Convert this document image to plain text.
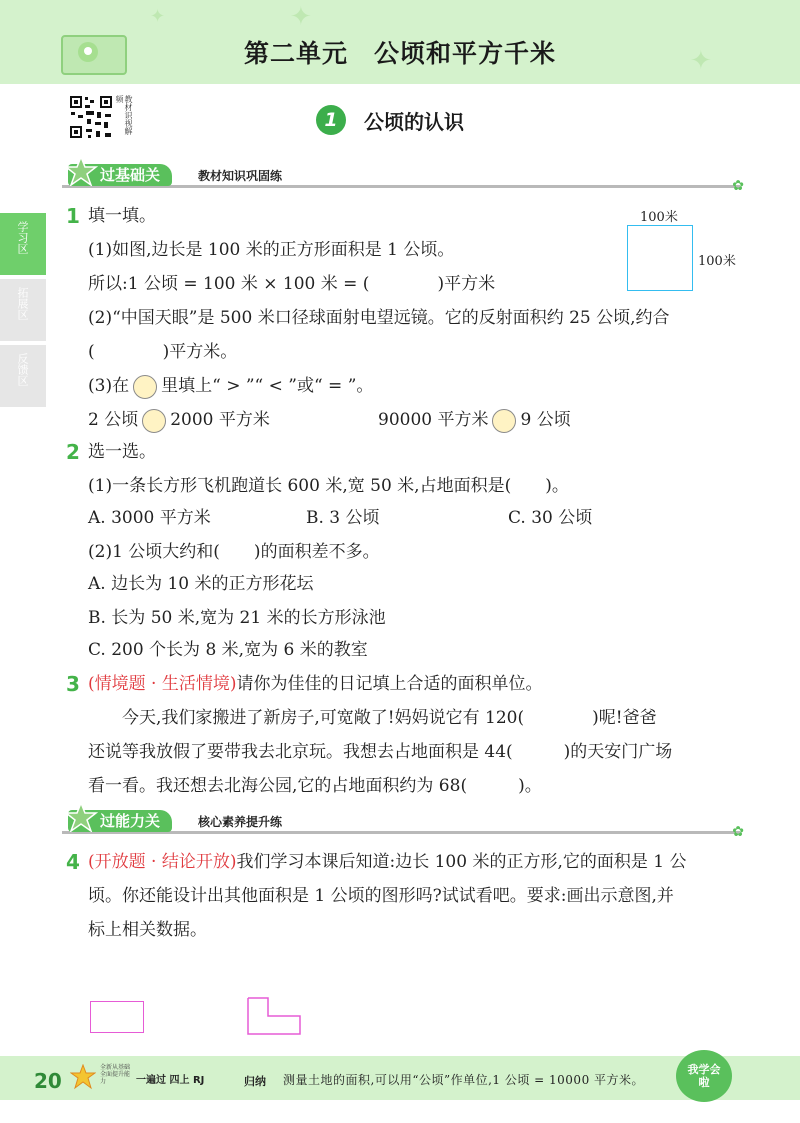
✦
✦
✦
第二单元　公顷和平方千米
教材识视解频
1	公顷的认识
学习区
拓展区
反馈区
过基础关	教材知识巩固练
✿
1 填一填。
(1)如图,边长是 100 米的正方形面积是 1 公顷。
所以:1 公顷 = 100 米 × 100 米 = (　　　　)平方米
(2)“中国天眼”是 500 米口径球面射电望远镜。它的反射面积约 25 公顷,约合
(　　　　)平方米。
(3)在 里填上“ > ”“ < ”或“ = ”。
2 公顷 2000 平方米	90000 平方米 9 公顷
100米
100米
2 选一选。
(1)一条长方形飞机跑道长 600 米,宽 50 米,占地面积是(　　)。
A. 3000 平方米	B. 3 公顷	C. 30 公顷
(2)1 公顷大约和(　　)的面积差不多。
A. 边长为 10 米的正方形花坛
B. 长为 50 米,宽为 21 米的长方形泳池
C. 200 个长为 8 米,宽为 6 米的教室
3 (情境题 · 生活情境)请你为佳佳的日记填上合适的面积单位。
今天,我们家搬进了新房子,可宽敞了!妈妈说它有 120(　　　　)呢!爸爸
还说等我放假了要带我去北京玩。我想去占地面积是 44(　　　)的天安门广场
看一看。我还想去北海公园,它的占地面积约为 68(　　　)。
过能力关	核心素养提升练
✿
4 (开放题 · 结论开放)我们学习本课后知道:边长 100 米的正方形,它的面积是 1 公
顷。你还能设计出其他面积是 1 公顷的图形吗?试试看吧。要求:画出示意图,并
标上相关数据。
20
全新从基础 全面提升能力	一遍过 四上 RJ	归纳 测量土地的面积,可以用“公顷”作单位,1 公顷 = 10000 平方米。
我学会啦
